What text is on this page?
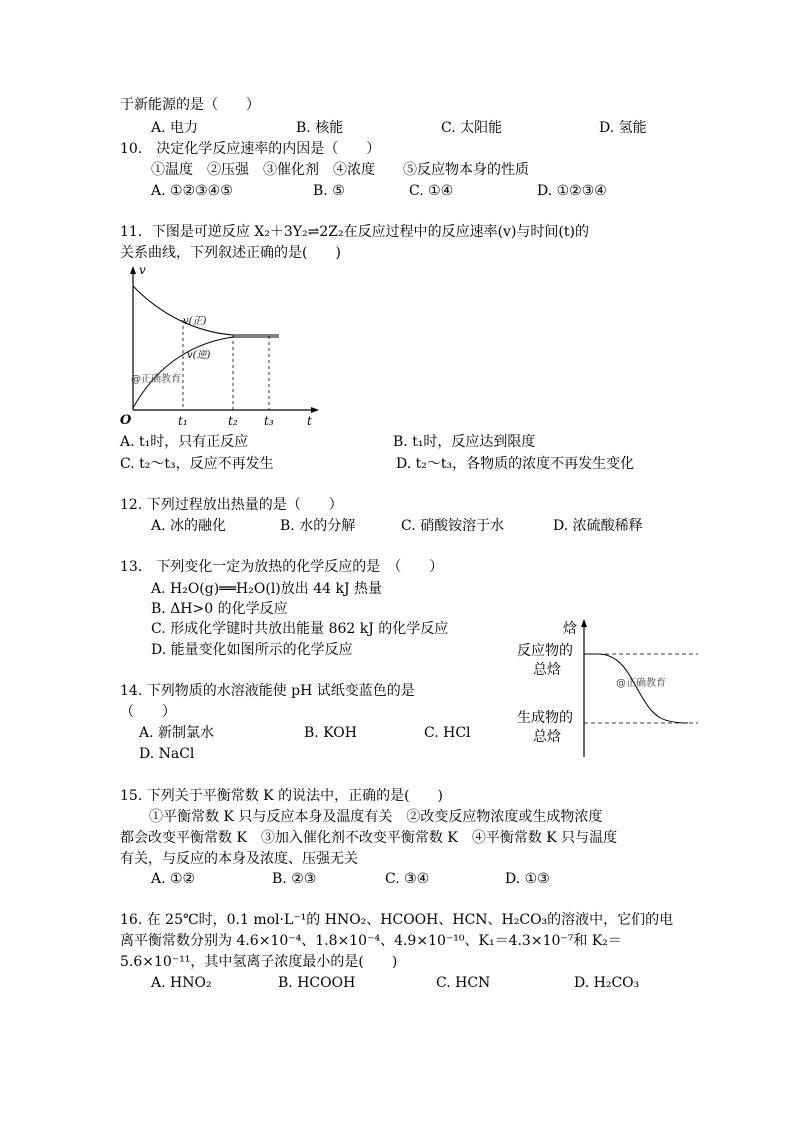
于新能源的是（　　）
A. 电力	B. 核能	C. 太阳能	D. 氢能
10.　决定化学反应速率的内因是（　　）
①温度　②压强　③催化剂　④浓度　　⑤反应物本身的性质
A. ①②③④⑤	B. ⑤	C. ①④	D. ①②③④
11．下图是可逆反应 X₂＋3Y₂⇌2Z₂在反应过程中的反应速率(v)与时间(t)的
关系曲线，下列叙述正确的是(　　)
v
t
O
v(正)
v(逆)
@正确教育
t₁	t₂ t₃
A. t₁时，只有正反应	B. t₁时，反应达到限度
C. t₂～t₃，反应不再发生	D. t₂～t₃，各物质的浓度不再发生变化
12. 下列过程放出热量的是（　　）
A. 冰的融化	B. 水的分解	C. 硝酸铵溶于水	D. 浓硫酸稀释
13.　下列变化一定为放热的化学反应的是　（　　）
A. H₂O(g)══H₂O(l)放出 44 kJ 热量
B. ΔH>0 的化学反应
C. 形成化学键时共放出能量 862 kJ 的化学反应
D. 能量变化如图所示的化学反应
焓
反应物的
总焓
生成物的
总焓
@正确教育
14. 下列物质的水溶液能使 pH 试纸变蓝色的是
（　　）
A. 新制氯水	B. KOH	C. HCl
D. NaCl
15. 下列关于平衡常数 K 的说法中，正确的是(　　)
　①平衡常数 K 只与反应本身及温度有关　②改变反应物浓度或生成物浓度
都会改变平衡常数 K　③加入催化剂不改变平衡常数 K　④平衡常数 K 只与温度
有关，与反应的本身及浓度、压强无关
A. ①②	B. ②③	C. ③④	D. ①③
16. 在 25℃时，0.1 mol·L⁻¹的 HNO₂、HCOOH、HCN、H₂CO₃的溶液中，它们的电
离平衡常数分别为 4.6×10⁻⁴、1.8×10⁻⁴、4.9×10⁻¹⁰、K₁＝4.3×10⁻⁷和 K₂＝
5.6×10⁻¹¹，其中氢离子浓度最小的是(　　)
A. HNO₂	B. HCOOH	C. HCN	D. H₂CO₃
